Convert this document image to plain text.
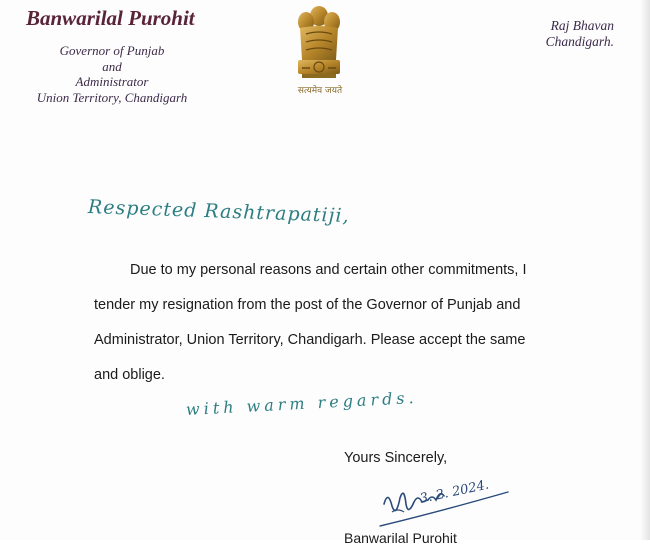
Banwarilal Purohit
Governor of Punjab
and
Administrator
Union Territory, Chandigarh	सत्यमेव जयते
Raj Bhavan
Chandigarh.
Respected Rashtrapatiji,
Due to my personal reasons and certain other commitments, I
tender my resignation from the post of the Governor of Punjab and
Administrator, Union Territory, Chandigarh. Please accept the same
and oblige.
with warm regards.
Yours Sincerely,
3. 2. 2024.
Banwarilal Purohit
